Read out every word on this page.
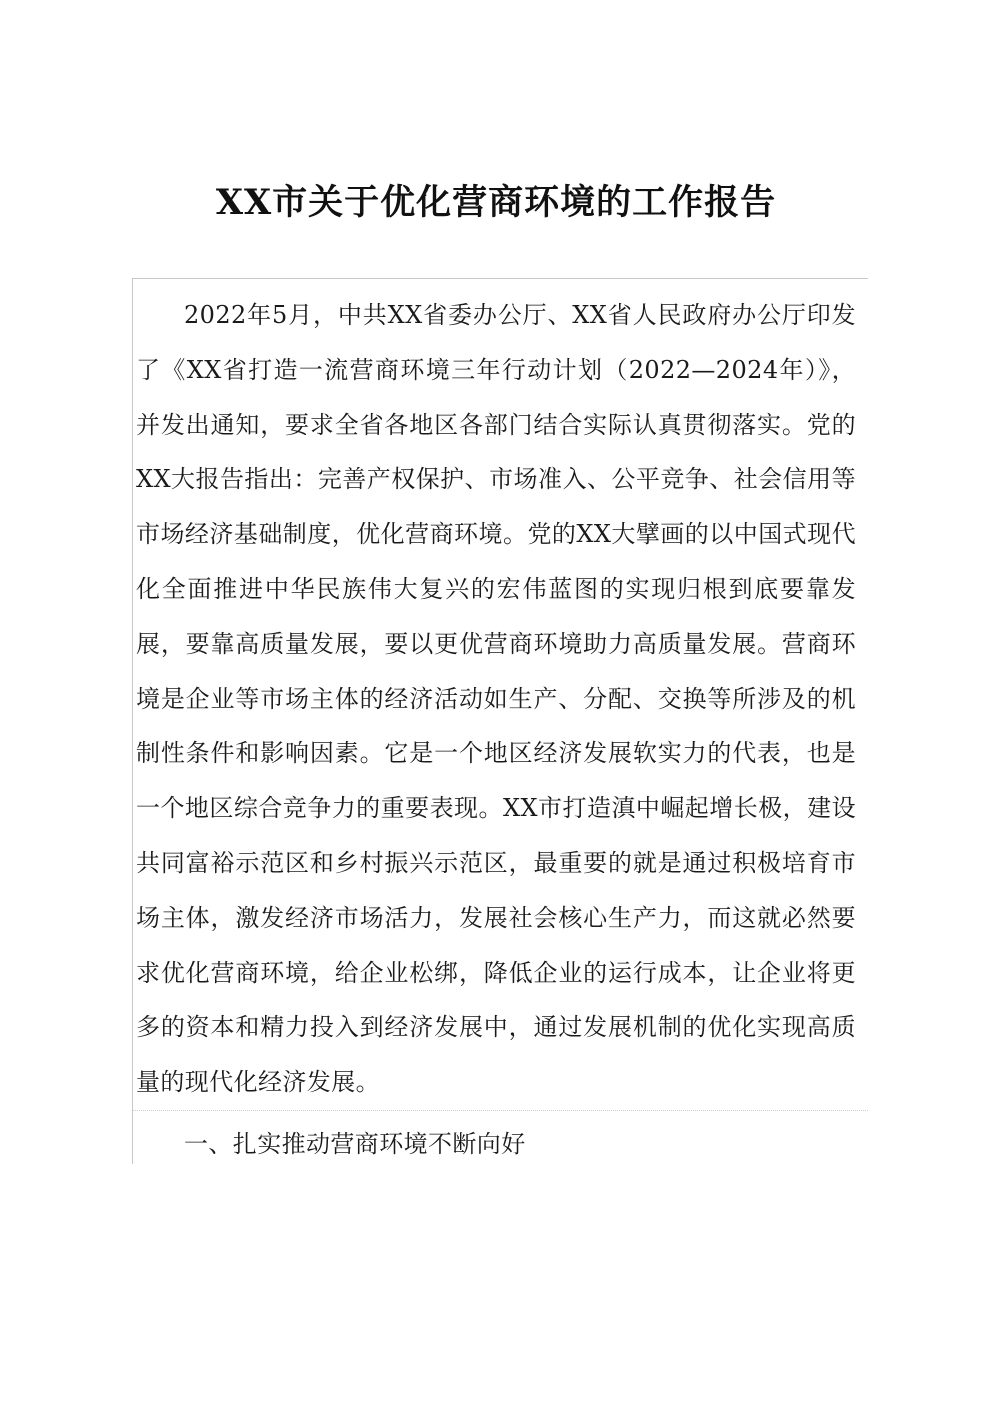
XX市关于优化营商环境的工作报告

2022年5月，中共XX省委办公厅、XX省人民政府办公厅印发了《XX省打造一流营商环境三年行动计划（2022—2024年）》，并发出通知，要求全省各地区各部门结合实际认真贯彻落实。党的XX大报告指出：完善产权保护、市场准入、公平竞争、社会信用等市场经济基础制度，优化营商环境。党的XX大擘画的以中国式现代化全面推进中华民族伟大复兴的宏伟蓝图的实现归根到底要靠发展，要靠高质量发展，要以更优营商环境助力高质量发展。营商环境是企业等市场主体的经济活动如生产、分配、交换等所涉及的机制性条件和影响因素。它是一个地区经济发展软实力的代表，也是一个地区综合竞争力的重要表现。XX市打造滇中崛起增长极，建设共同富裕示范区和乡村振兴示范区，最重要的就是通过积极培育市场主体，激发经济市场活力，发展社会核心生产力，而这就必然要求优化营商环境，给企业松绑，降低企业的运行成本，让企业将更多的资本和精力投入到经济发展中，通过发展机制的优化实现高质量的现代化经济发展。

一、扎实推动营商环境不断向好
